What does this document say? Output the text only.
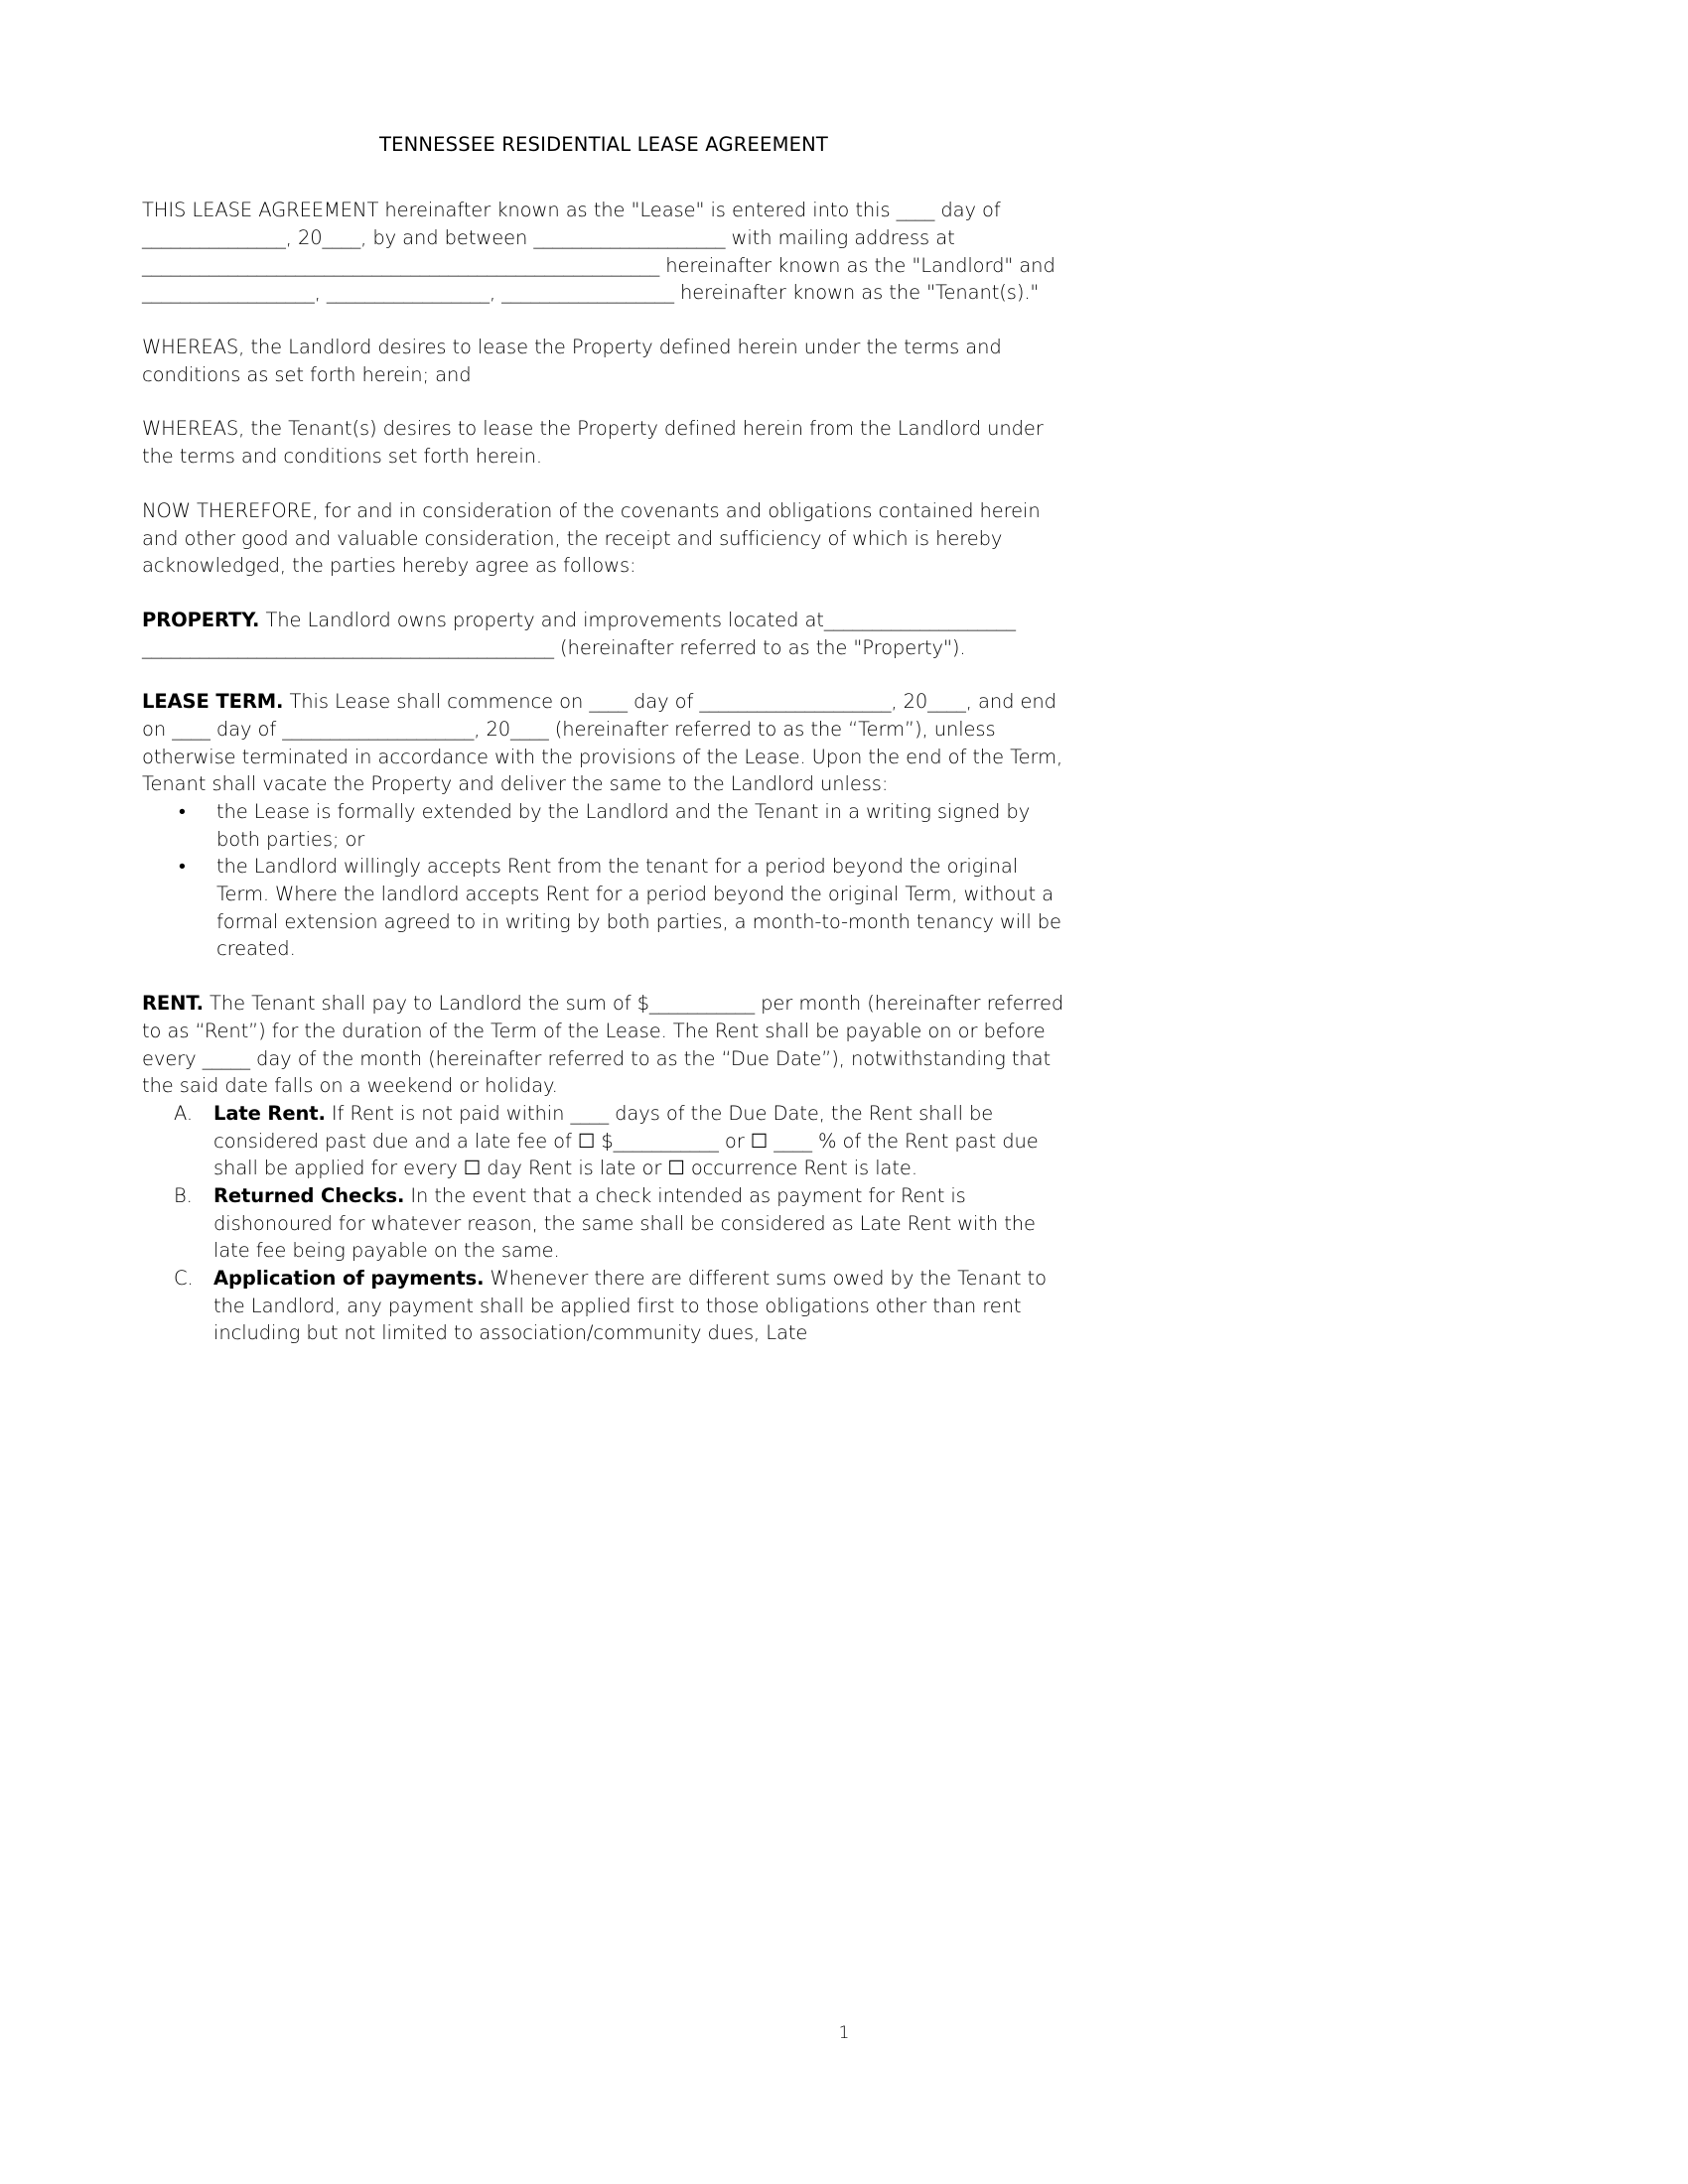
TENNESSEE RESIDENTIAL LEASE AGREEMENT

THIS LEASE AGREEMENT hereinafter known as the "Lease" is entered into this ____ day of _______________, 20____, by and between ____________________ with mailing address at ______________________________________________________ hereinafter known as the "Landlord" and __________________, _________________, __________________ hereinafter known as the "Tenant(s)."

WHEREAS, the Landlord desires to lease the Property defined herein under the terms and conditions as set forth herein; and

WHEREAS, the Tenant(s) desires to lease the Property defined herein from the Landlord under the terms and conditions set forth herein.

NOW THEREFORE, for and in consideration of the covenants and obligations contained herein and other good and valuable consideration, the receipt and sufficiency of which is hereby acknowledged, the parties hereby agree as follows:

PROPERTY. The Landlord owns property and improvements located at____________________ ___________________________________________ (hereinafter referred to as the "Property").

LEASE TERM. This Lease shall commence on ____ day of ____________________, 20____, and end on ____ day of ____________________, 20____ (hereinafter referred to as the “Term”), unless otherwise terminated in accordance with the provisions of the Lease. Upon the end of the Term, Tenant shall vacate the Property and deliver the same to the Landlord unless:

• the Lease is formally extended by the Landlord and the Tenant in a writing signed by both parties; or
• the Landlord willingly accepts Rent from the tenant for a period beyond the original Term. Where the landlord accepts Rent for a period beyond the original Term, without a formal extension agreed to in writing by both parties, a month-to-month tenancy will be created.

RENT. The Tenant shall pay to Landlord the sum of $___________ per month (hereinafter referred to as “Rent”) for the duration of the Term of the Lease. The Rent shall be payable on or before every _____ day of the month (hereinafter referred to as the “Due Date”), notwithstanding that the said date falls on a weekend or holiday.

A. Late Rent. If Rent is not paid within ____ days of the Due Date, the Rent shall be considered past due and a late fee of ☐ $___________ or ☐ ____ % of the Rent past due shall be applied for every ☐ day Rent is late or ☐ occurrence Rent is late.
B. Returned Checks. In the event that a check intended as payment for Rent is dishonoured for whatever reason, the same shall be considered as Late Rent with the late fee being payable on the same.
C. Application of payments. Whenever there are different sums owed by the Tenant to the Landlord, any payment shall be applied first to those obligations other than rent including but not limited to association/community dues, Late
1
